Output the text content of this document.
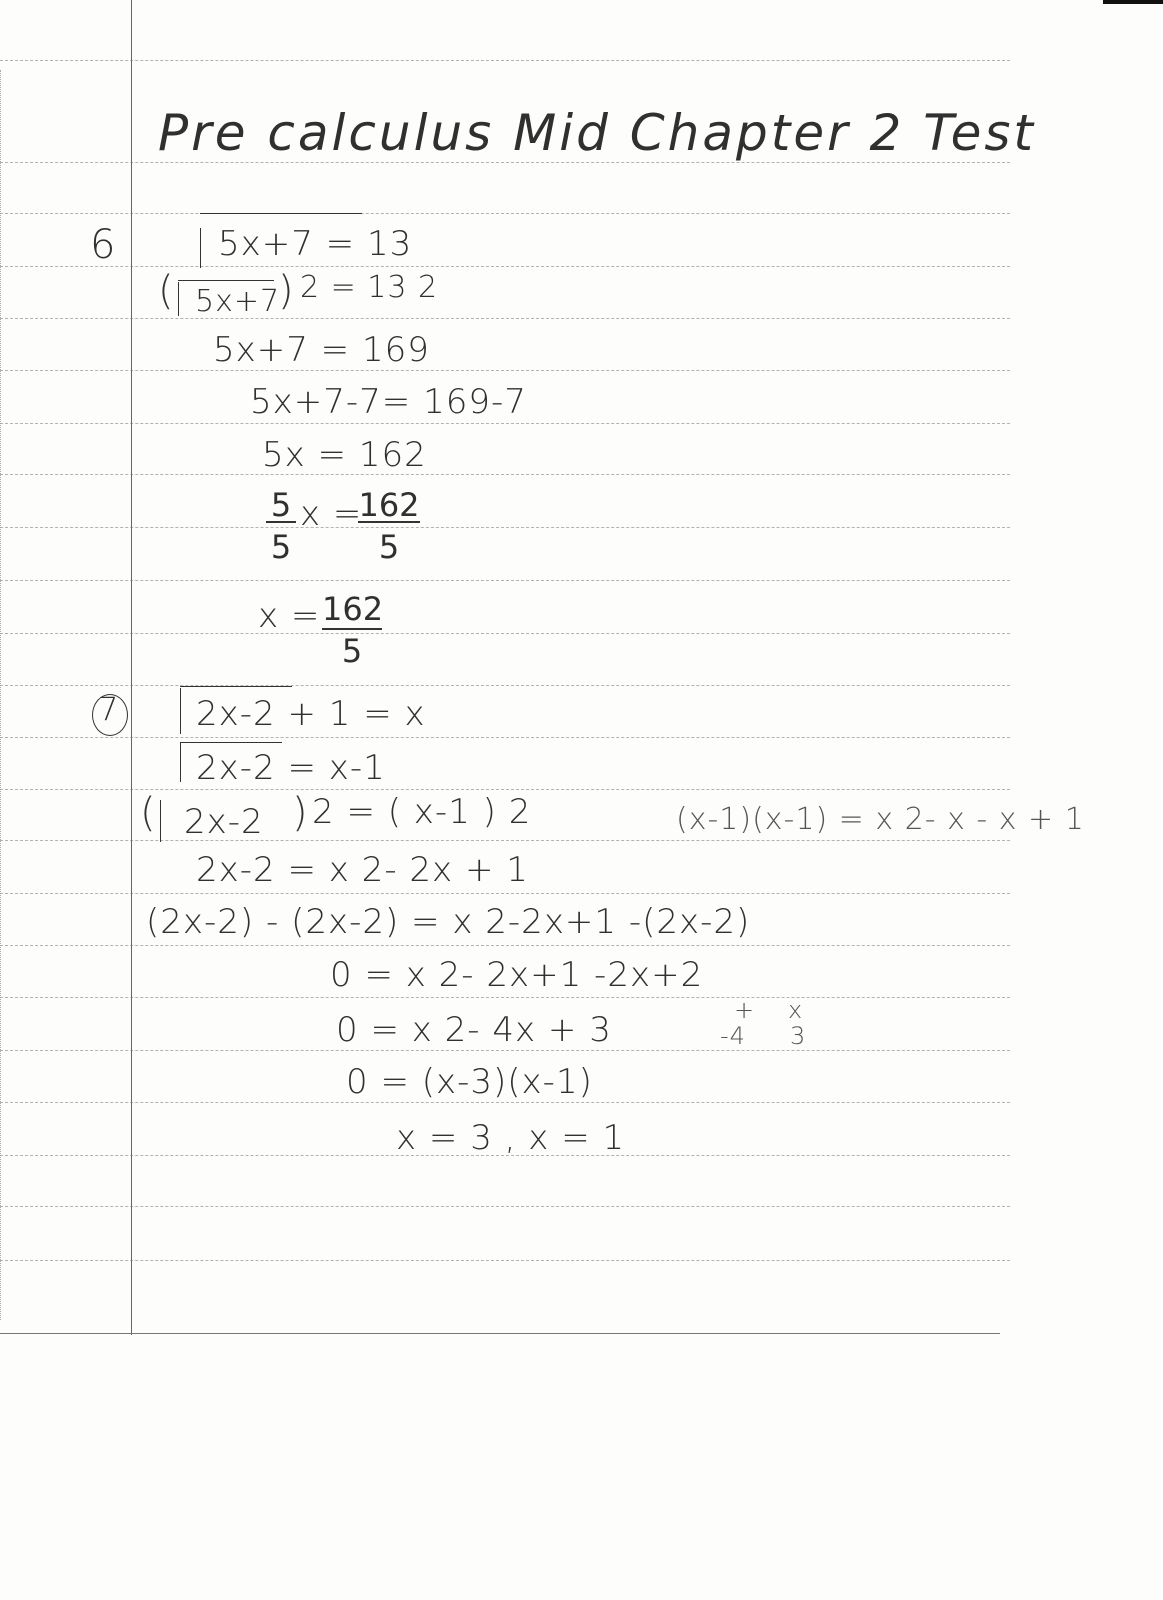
Pre calculus Mid Chapter 2 Test
6	5x+7 = 13
( 5x+7
) 2 = 13 2
5x+7 = 169
5x+7-7= 169-7
5x = 162
5
5
x =
162
5
x = 162
5
7 2x-2 + 1 = x
2x-2 = x-1
( 2x-2 ) 2 = ( x-1 ) 2	(x-1)(x-1) = x 2- x - x + 1
2x-2 = x 2- 2x + 1
(2x-2) - (2x-2) = x 2-2x+1 -(2x-2)
0 = x 2- 2x+1 -2x+2
0 = x 2- 4x + 3	+ x
-4 3
0 = (x-3)(x-1)
x = 3 , x = 1
